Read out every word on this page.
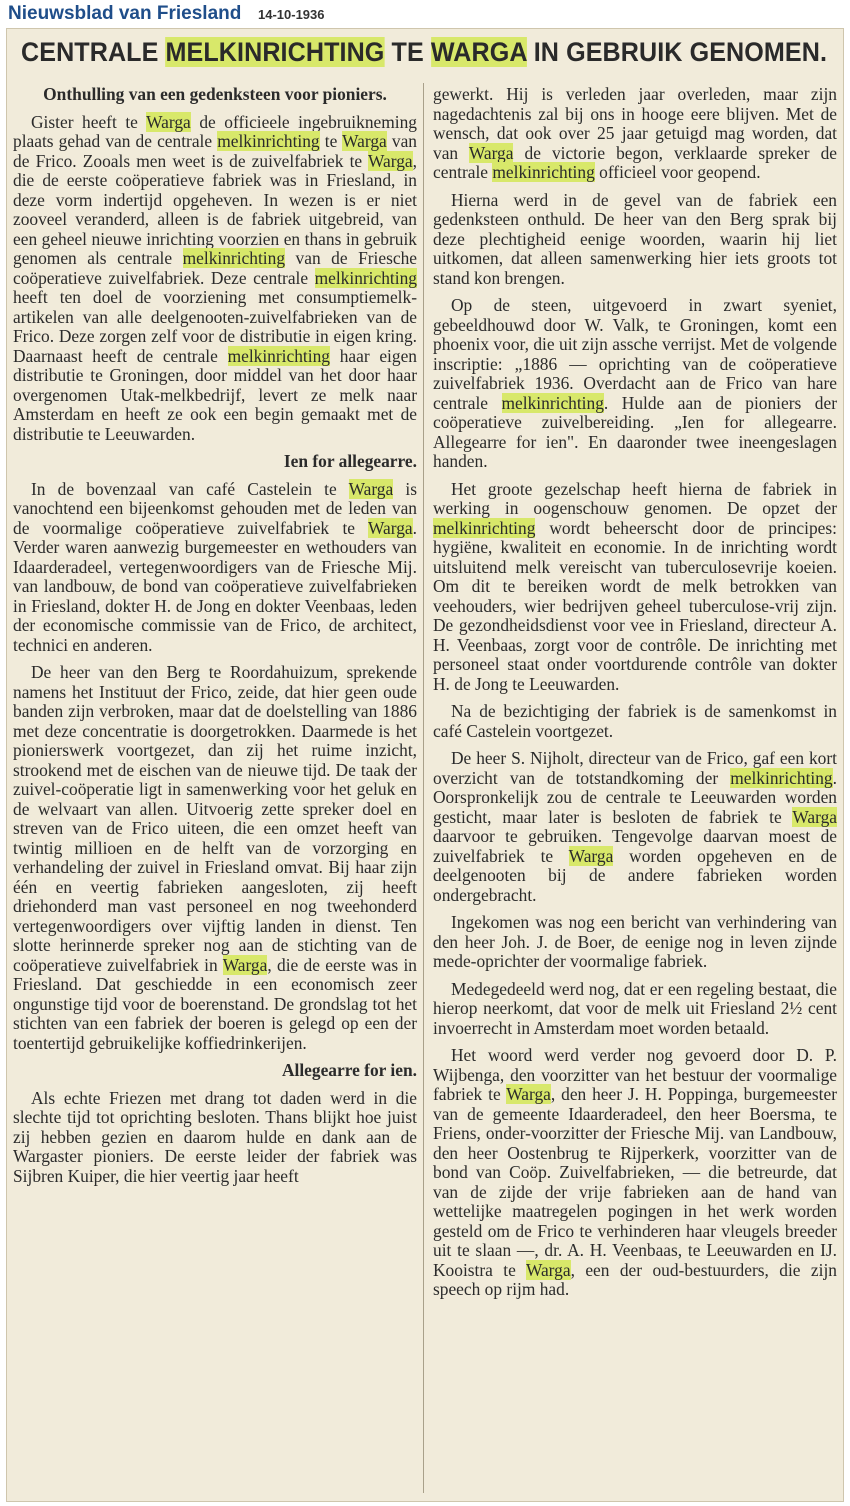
Nieuwsblad van Friesland 14-10-1936
CENTRALE MELKINRICHTING TE WARGA IN GEBRUIK GENOMEN.

Onthulling van een gedenksteen voor pioniers.

Gister heeft te Warga de officieele ingebruikneming plaats gehad van de centrale melkinrichting te Warga van de Frico. Zooals men weet is de zuivelfabriek te Warga, die de eerste coöperatieve fabriek was in Friesland, in deze vorm indertijd opgeheven. In wezen is er niet zooveel veranderd, alleen is de fabriek uitgebreid, van een geheel nieuwe inrichting voorzien en thans in gebruik genomen als centrale melkinrichting van de Friesche coöperatieve zuivelfabriek. Deze centrale melkinrichting heeft ten doel de voorziening met consumptiemelk-artikelen van alle deelgenooten-zuivelfabrieken van de Frico. Deze zorgen zelf voor de distributie in eigen kring. Daarnaast heeft de centrale melkinrichting haar eigen distributie te Groningen, door middel van het door haar overgenomen Utak-melkbedrijf, levert ze melk naar Amsterdam en heeft ze ook een begin gemaakt met de distributie te Leeuwarden.

Ien for allegearre.

In de bovenzaal van café Castelein te Warga is vanochtend een bijeenkomst gehouden met de leden van de voormalige coöperatieve zuivelfabriek te Warga. Verder waren aanwezig burgemeester en wethouders van Idaarderadeel, vertegenwoordigers van de Friesche Mij. van landbouw, de bond van coöperatieve zuivelfabrieken in Friesland, dokter H. de Jong en dokter Veenbaas, leden der economische commissie van de Frico, de architect, technici en anderen.

De heer van den Berg te Roordahuizum, sprekende namens het Instituut der Frico, zeide, dat hier geen oude banden zijn verbroken, maar dat de doelstelling van 1886 met deze concentratie is doorgetrokken. Daarmede is het pionierswerk voortgezet, dan zij het ruime inzicht, strookend met de eischen van de nieuwe tijd. De taak der zuivel-coöperatie ligt in samenwerking voor het geluk en de welvaart van allen. Uitvoerig zette spreker doel en streven van de Frico uiteen, die een omzet heeft van twintig millioen en de helft van de vorzorging en verhandeling der zuivel in Friesland omvat. Bij haar zijn één en veertig fabrieken aangesloten, zij heeft driehonderd man vast personeel en nog tweehonderd vertegenwoordigers over vijftig landen in dienst. Ten slotte herinnerde spreker nog aan de stichting van de coöperatieve zuivelfabriek in Warga, die de eerste was in Friesland. Dat geschiedde in een economisch zeer ongunstige tijd voor de boerenstand. De grondslag tot het stichten van een fabriek der boeren is gelegd op een der toentertijd gebruikelijke koffiedrinkerijen.

Allegearre for ien.

Als echte Friezen met drang tot daden werd in die slechte tijd tot oprichting besloten. Thans blijkt hoe juist zij hebben gezien en daarom hulde en dank aan de Wargaster pioniers. De eerste leider der fabriek was Sijbren Kuiper, die hier veertig jaar heeft

gewerkt. Hij is verleden jaar overleden, maar zijn nagedachtenis zal bij ons in hooge eere blijven. Met de wensch, dat ook over 25 jaar getuigd mag worden, dat van Warga de victorie begon, verklaarde spreker de centrale melkinrichting officieel voor geopend.

Hierna werd in de gevel van de fabriek een gedenksteen onthuld. De heer van den Berg sprak bij deze plechtigheid eenige woorden, waarin hij liet uitkomen, dat alleen samenwerking hier iets groots tot stand kon brengen.

Op de steen, uitgevoerd in zwart syeniet, gebeeldhouwd door W. Valk, te Groningen, komt een phoenix voor, die uit zijn assche verrijst. Met de volgende inscriptie: „1886 — oprichting van de coöperatieve zuivelfabriek 1936. Overdacht aan de Frico van hare centrale melkinrichting. Hulde aan de pioniers der coöperatieve zuivelbereiding. „Ien for allegearre. Allegearre for ien". En daaronder twee ineengeslagen handen.

Het groote gezelschap heeft hierna de fabriek in werking in oogenschouw genomen. De opzet der melkinrichting wordt beheerscht door de principes: hygiëne, kwaliteit en economie. In de inrichting wordt uitsluitend melk vereischt van tuberculosevrije koeien. Om dit te bereiken wordt de melk betrokken van veehouders, wier bedrijven geheel tuberculose-vrij zijn. De gezondheidsdienst voor vee in Friesland, directeur A. H. Veenbaas, zorgt voor de contrôle. De inrichting met personeel staat onder voortdurende contrôle van dokter H. de Jong te Leeuwarden.

Na de bezichtiging der fabriek is de samenkomst in café Castelein voortgezet.

De heer S. Nijholt, directeur van de Frico, gaf een kort overzicht van de totstandkoming der melkinrichting. Oorspronkelijk zou de centrale te Leeuwarden worden gesticht, maar later is besloten de fabriek te Warga daarvoor te gebruiken. Tengevolge daarvan moest de zuivelfabriek te Warga worden opgeheven en de deelgenooten bij de andere fabrieken worden ondergebracht.

Ingekomen was nog een bericht van verhindering van den heer Joh. J. de Boer, de eenige nog in leven zijnde mede-oprichter der voormalige fabriek.

Medegedeeld werd nog, dat er een regeling bestaat, die hierop neerkomt, dat voor de melk uit Friesland 2½ cent invoerrecht in Amsterdam moet worden betaald.

Het woord werd verder nog gevoerd door D. P. Wijbenga, den voorzitter van het bestuur der voormalige fabriek te Warga, den heer J. H. Poppinga, burgemeester van de gemeente Idaarderadeel, den heer Boersma, te Friens, onder-voorzitter der Friesche Mij. van Landbouw, den heer Oostenbrug te Rijperkerk, voorzitter van de bond van Coöp. Zuivelfabrieken, — die betreurde, dat van de zijde der vrije fabrieken aan de hand van wettelijke maatregelen pogingen in het werk worden gesteld om de Frico te verhinderen haar vleugels breeder uit te slaan —, dr. A. H. Veenbaas, te Leeuwarden en IJ. Kooistra te Warga, een der oud-bestuurders, die zijn speech op rijm had.
